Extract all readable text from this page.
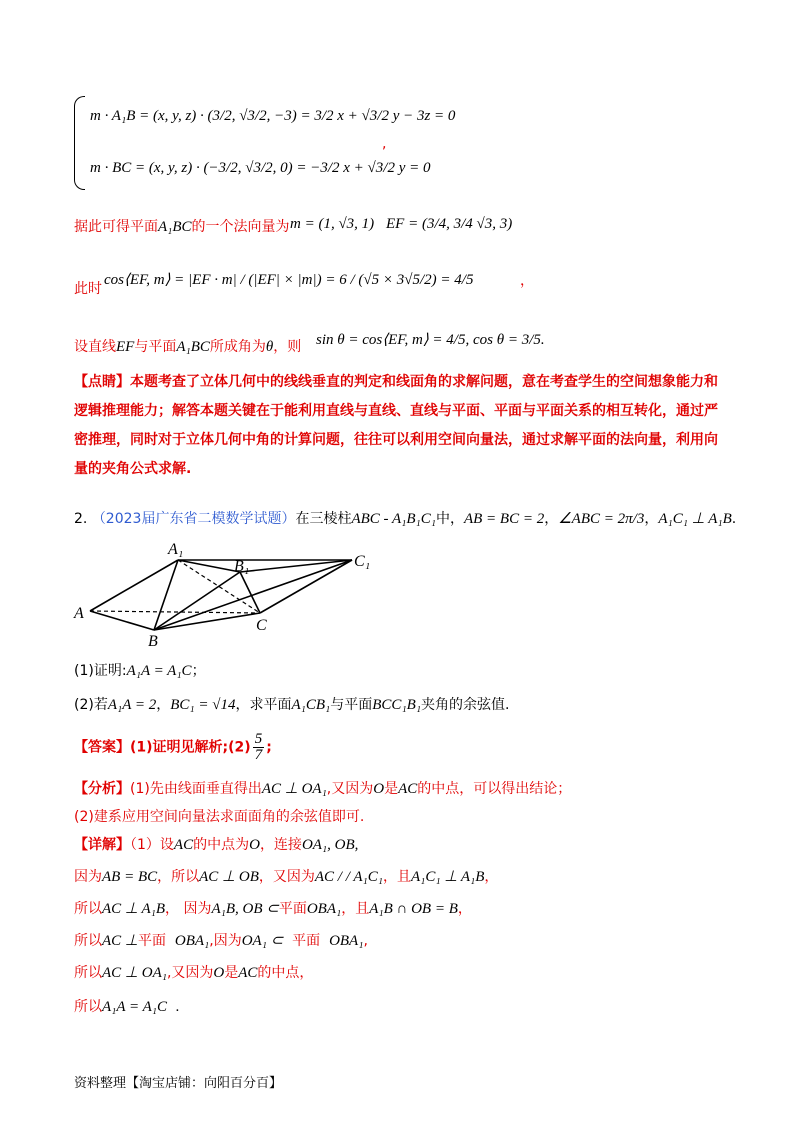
m · A₁B = (x, y, z) · (3/2, √3/2, −3) = 3/2 x + √3/2 y − 3z = 0
m · BC = (x, y, z) · (−3/2, √3/2, 0) = −3/2 x + √3/2 y = 0
,
据此可得平面A₁BC的一个法向量为 m = (1, √3, 1) EF = (3/4, 3/4 √3, 3)
此时
cos⟨EF, m⟩ = |EF · m| / (|EF| × |m|) = 6 / (√5 × 3√5/2) = 4/5	，
设直线EF与平面A₁BC所成角为θ，则 sin θ = cos⟨EF, m⟩ = 4/5, cos θ = 3/5.
【点睛】本题考查了立体几何中的线线垂直的判定和线面角的求解问题，意在考查学生的空间想象能力和逻辑推理能力；解答本题关键在于能利用直线与直线、直线与平面、平面与平面关系的相互转化，通过严密推理，同时对于立体几何中角的计算问题，往往可以利用空间向量法，通过求解平面的法向量，利用向量的夹角公式求解.
2. （2023届广东省二模数学试题）在三棱柱ABC - A₁B₁C₁中，AB = BC = 2，∠ABC = 2π/3，A₁C₁ ⊥ A₁B.
A₁
B₁	C₁
A
B
C
(1)证明:A₁A = A₁C；
(2)若A₁A = 2，BC₁ = √14，求平面A₁CB₁与平面BCC₁B₁夹角的余弦值.
【答案】(1)证明见解析;(2) $\frac{5}{7}$ ;
【分析】(1)先由线面垂直得出AC ⊥ OA₁,又因为O是AC的中点，可以得出结论；
(2)建系应用空间向量法求面面角的余弦值即可.
【详解】（1）设AC的中点为O，连接OA₁, OB,
因为AB = BC，所以AC ⊥ OB，又因为AC / / A₁C₁，且A₁C₁ ⊥ A₁B，
所以AC ⊥ A₁B， 因为A₁B, OB ⊂平面OBA₁，且A₁B ∩ OB = B，
所以AC ⊥平面 OBA₁,因为OA₁ ⊂ 平面 OBA₁,
所以AC ⊥ OA₁,又因为O是AC的中点，
所以A₁A = A₁C .
资料整理【淘宝店铺：向阳百分百】
